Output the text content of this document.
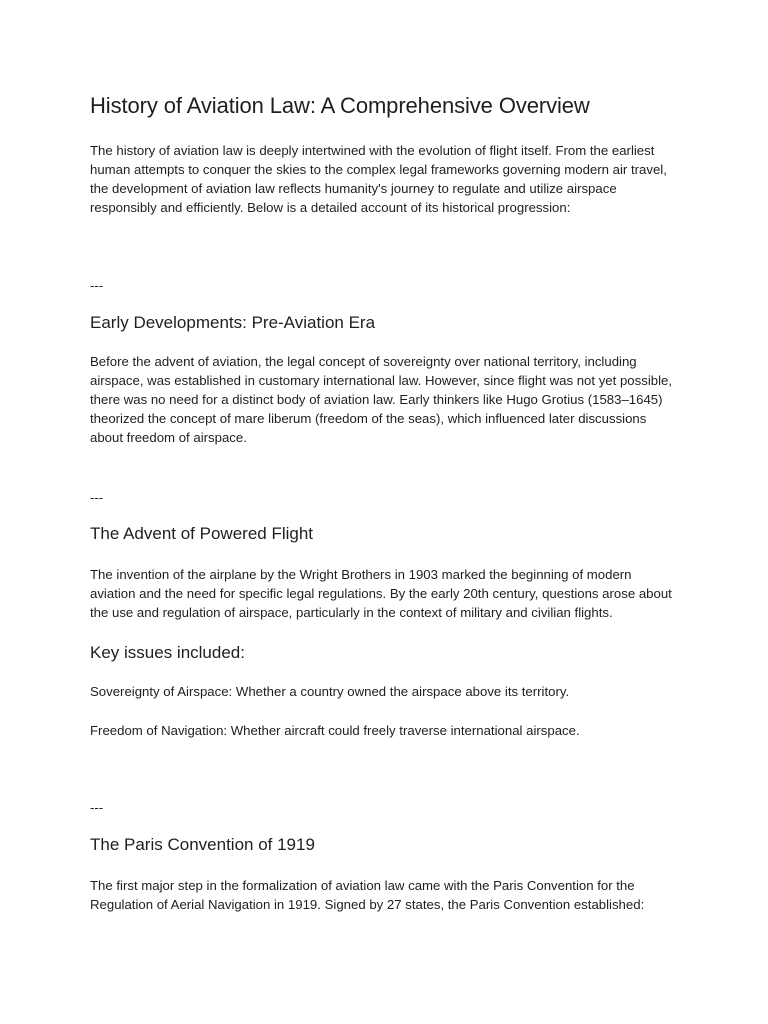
History of Aviation Law: A Comprehensive Overview

The history of aviation law is deeply intertwined with the evolution of flight itself. From the earliest human attempts to conquer the skies to the complex legal frameworks governing modern air travel, the development of aviation law reflects humanity's journey to regulate and utilize airspace responsibly and efficiently. Below is a detailed account of its historical progression:

---

Early Developments: Pre-Aviation Era

Before the advent of aviation, the legal concept of sovereignty over national territory, including airspace, was established in customary international law. However, since flight was not yet possible, there was no need for a distinct body of aviation law. Early thinkers like Hugo Grotius (1583–1645) theorized the concept of mare liberum (freedom of the seas), which influenced later discussions about freedom of airspace.

---

The Advent of Powered Flight

The invention of the airplane by the Wright Brothers in 1903 marked the beginning of modern aviation and the need for specific legal regulations. By the early 20th century, questions arose about the use and regulation of airspace, particularly in the context of military and civilian flights.

Key issues included:

Sovereignty of Airspace: Whether a country owned the airspace above its territory.

Freedom of Navigation: Whether aircraft could freely traverse international airspace.

---

The Paris Convention of 1919

The first major step in the formalization of aviation law came with the Paris Convention for the Regulation of Aerial Navigation in 1919. Signed by 27 states, the Paris Convention established:
